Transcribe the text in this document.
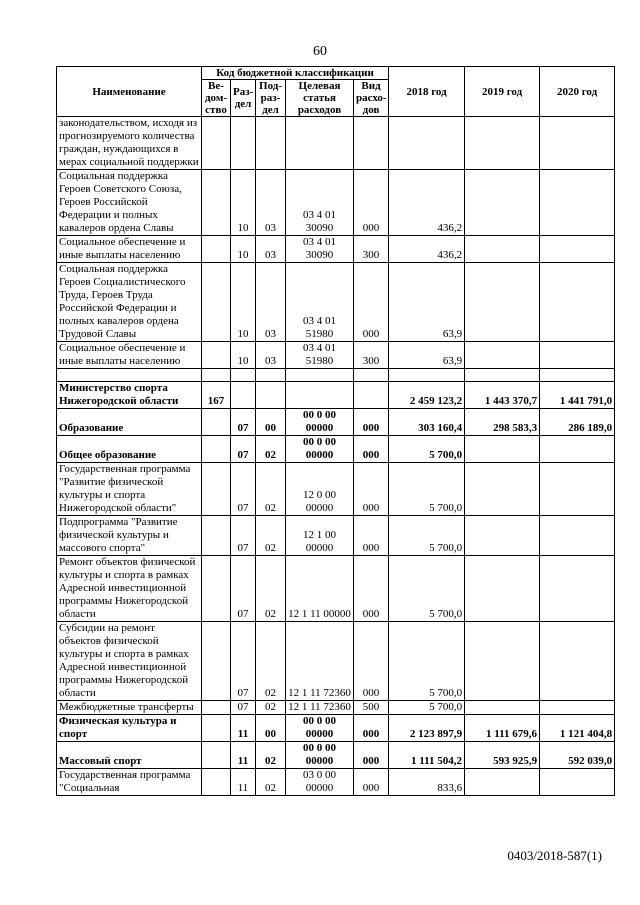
60
Наименование	Код бюджетной классификации					2018 год	2019 год	2020 год
	Ве-
дом-
ство	Раз-
дел	Под-
раз-
дел	Целевая
статья
расходов	Вид
расхо-
дов			
законодательством, исходя из прогнозируемого количества граждан, нуждающихся в мерах социальной поддержки								
Социальная поддержка Героев Советского Союза, Героев Российской Федерации и полных кавалеров ордена Славы		10	03	03 4 01 30090	000	436,2		
Социальное обеспечение и иные выплаты населению		10	03	03 4 01 30090	300	436,2		
Социальная поддержка Героев Социалистического Труда, Героев Труда Российской Федерации и полных кавалеров ордена Трудовой Славы		10	03	03 4 01 51980	000	63,9		
Социальное обеспечение и иные выплаты населению		10	03	03 4 01 51980	300	63,9		

Министерство спорта Нижегородской области	167					2 459 123,2	1 443 370,7	1 441 791,0
Образование		07	00	00 0 00 00000	000	303 160,4	298 583,3	286 189,0
Общее образование		07	02	00 0 00 00000	000	5 700,0		
Государственная программа "Развитие физической культуры и спорта Нижегородской области"		07	02	12 0 00 00000	000	5 700,0		
Подпрограмма "Развитие физической культуры и массового спорта"		07	02	12 1 00 00000	000	5 700,0		
Ремонт объектов физической культуры и спорта в рамках Адресной инвестиционной программы Нижегородской области		07	02	12 1 11 00000	000	5 700,0		
Субсидии на ремонт объектов физической культуры и спорта в рамках Адресной инвестиционной программы Нижегородской области		07	02	12 1 11 72360	000	5 700,0		
Межбюджетные трансферты		07	02	12 1 11 72360	500	5 700,0		
Физическая культура и спорт		11	00	00 0 00 00000	000	2 123 897,9	1 111 679,6	1 121 404,8
Массовый спорт		11	02	00 0 00 00000	000	1 111 504,2	593 925,9	592 039,0
Государственная программа "Социальная		11	02	03 0 00 00000	000	833,6		
0403/2018-587(1)
